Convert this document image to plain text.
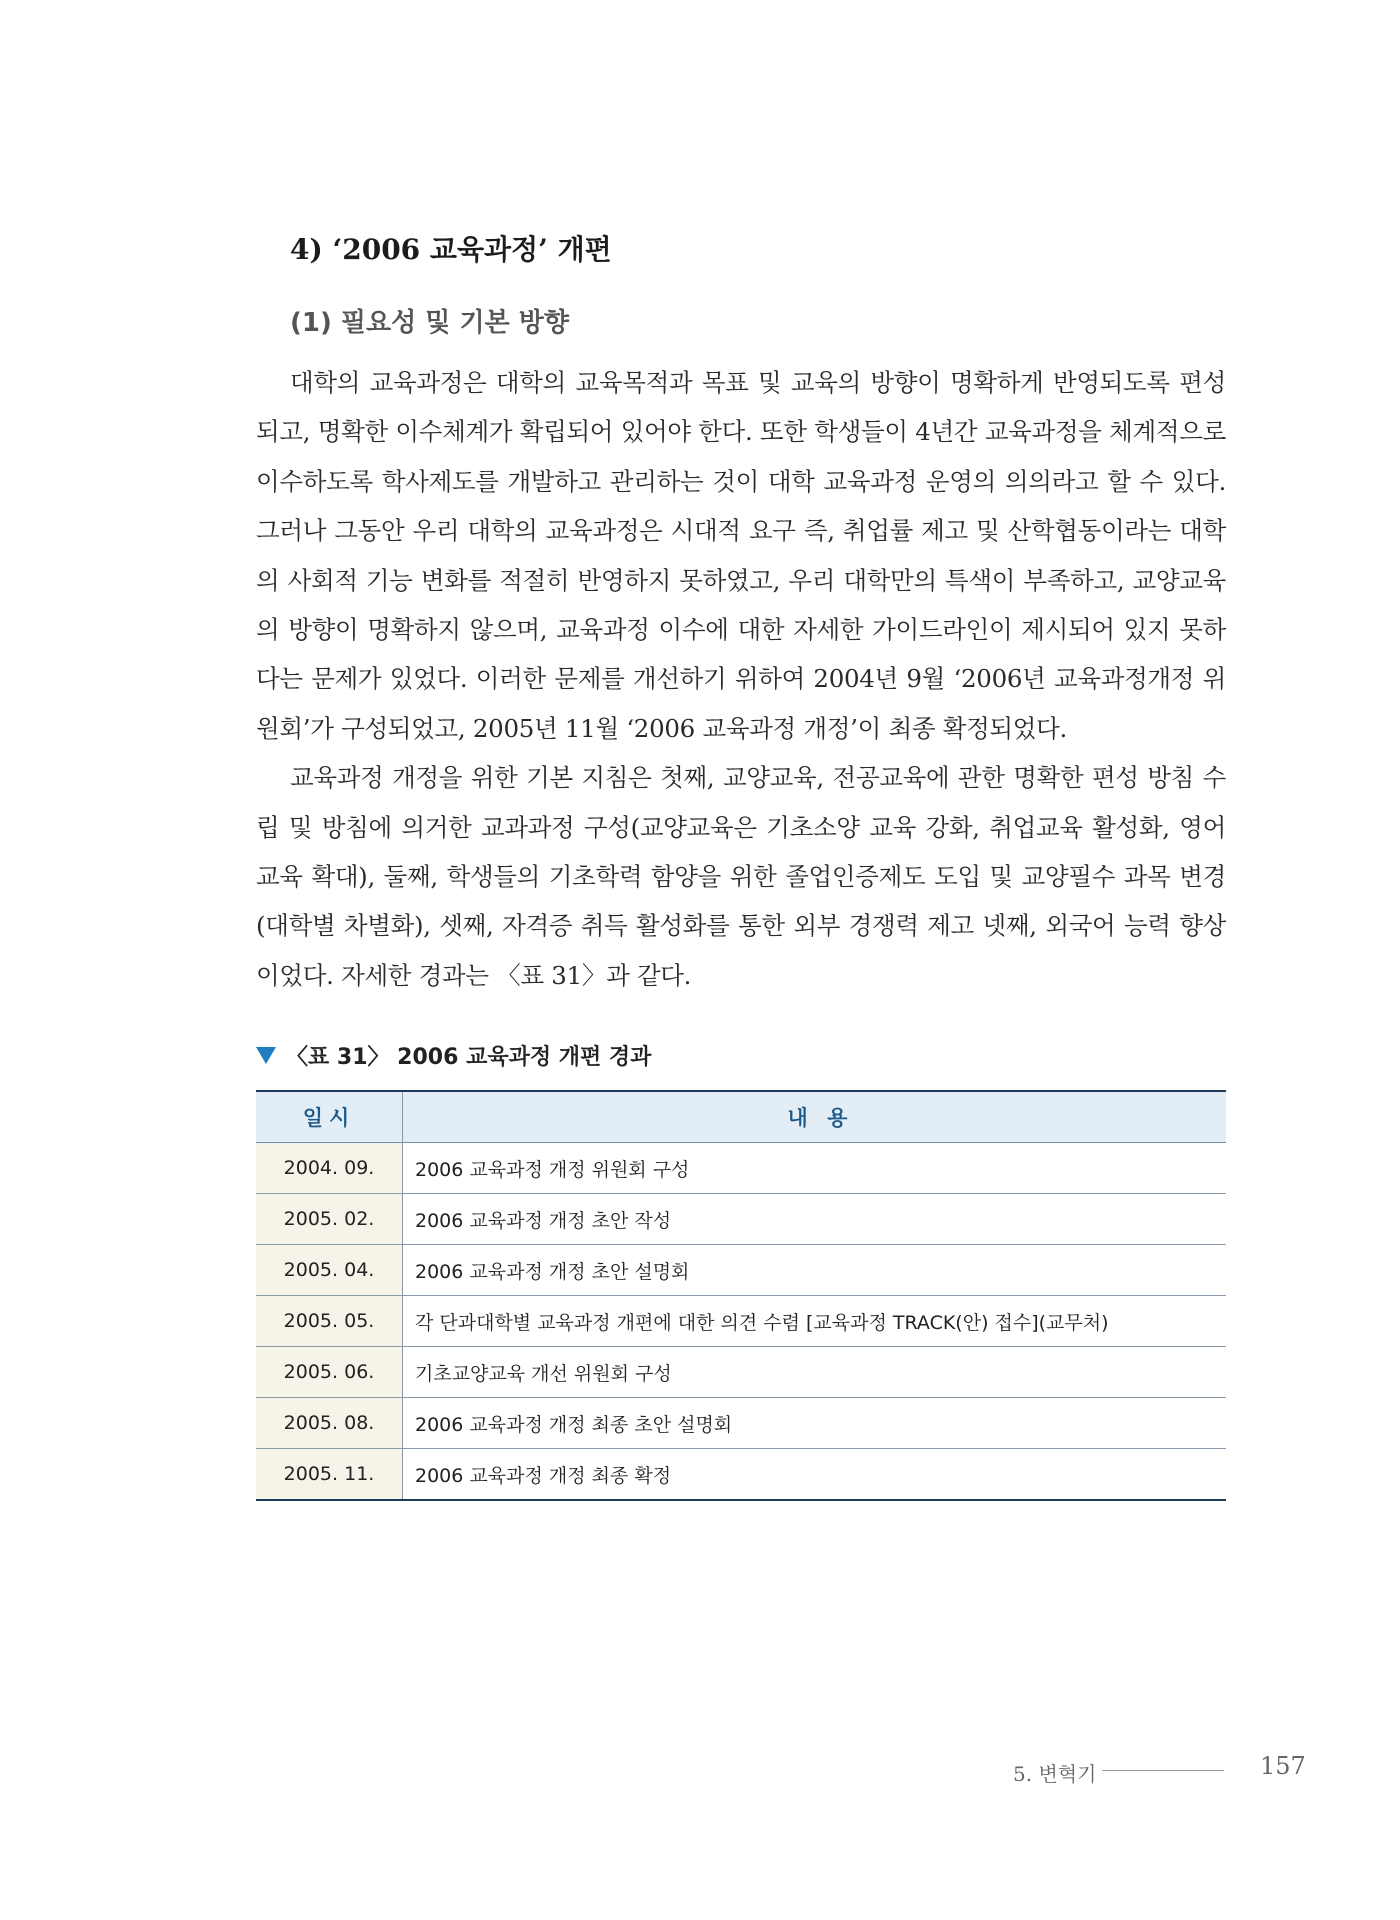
4) ‘2006 교육과정’ 개편
(1) 필요성 및 기본 방향

대학의 교육과정은 대학의 교육목적과 목표 및 교육의 방향이 명확하게 반영되도록 편성되고, 명확한 이수체계가 확립되어 있어야 한다. 또한 학생들이 4년간 교육과정을 체계적으로 이수하도록 학사제도를 개발하고 관리하는 것이 대학 교육과정 운영의 의의라고 할 수 있다. 그러나 그동안 우리 대학의 교육과정은 시대적 요구 즉, 취업률 제고 및 산학협동이라는 대학의 사회적 기능 변화를 적절히 반영하지 못하였고, 우리 대학만의 특색이 부족하고, 교양교육의 방향이 명확하지 않으며, 교육과정 이수에 대한 자세한 가이드라인이 제시되어 있지 못하다는 문제가 있었다. 이러한 문제를 개선하기 위하여 2004년 9월 ‘2006년 교육과정개정 위원회’가 구성되었고, 2005년 11월 ‘2006 교육과정 개정’이 최종 확정되었다.

교육과정 개정을 위한 기본 지침은 첫째, 교양교육, 전공교육에 관한 명확한 편성 방침 수립 및 방침에 의거한 교과과정 구성(교양교육은 기초소양 교육 강화, 취업교육 활성화, 영어 교육 확대), 둘째, 학생들의 기초학력 함양을 위한 졸업인증제도 도입 및 교양필수 과목 변경(대학별 차별화), 셋째, 자격증 취득 활성화를 통한 외부 경쟁력 제고 넷째, 외국어 능력 향상이었다. 자세한 경과는 〈표 31〉과 같다.

〈표 31〉 2006 교육과정 개편 경과
일시	내 용
2004. 09.	2006 교육과정 개정 위원회 구성
2005. 02.	2006 교육과정 개정 초안 작성
2005. 04.	2006 교육과정 개정 초안 설명회
2005. 05.	각 단과대학별 교육과정 개편에 대한 의견 수렴 [교육과정 TRACK(안) 접수](교무처)
2005. 06.	기초교양교육 개선 위원회 구성
2005. 08.	2006 교육과정 개정 최종 초안 설명회
2005. 11.	2006 교육과정 개정 최종 확정
5. 변혁기	157
